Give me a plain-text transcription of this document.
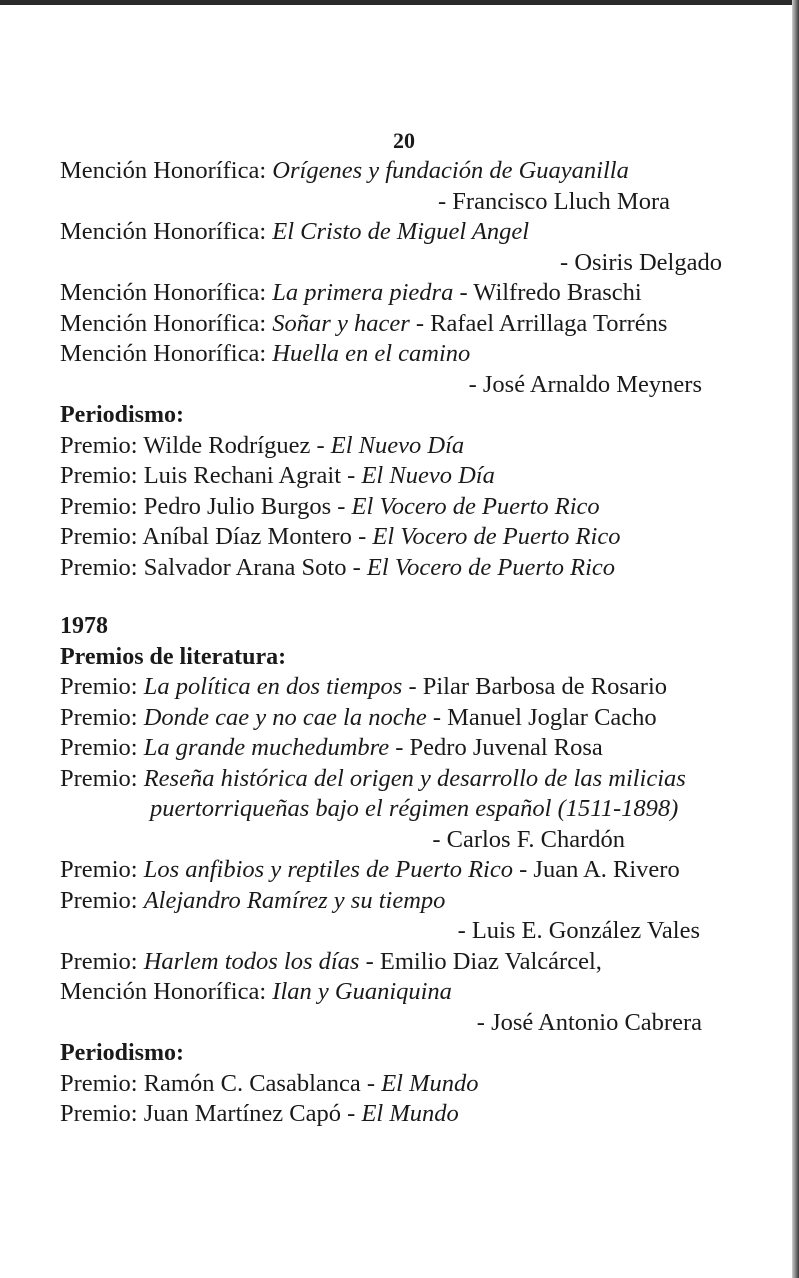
20
Mención Honorífica: Orígenes y fundación de Guayanilla
- Francisco Lluch Mora
Mención Honorífica: El Cristo de Miguel Angel
- Osiris Delgado
Mención Honorífica: La primera piedra - Wilfredo Braschi
Mención Honorífica: Soñar y hacer - Rafael Arrillaga Torréns
Mención Honorífica: Huella en el camino
- José Arnaldo Meyners
Periodismo:
Premio: Wilde Rodríguez - El Nuevo Día
Premio: Luis Rechani Agrait - El Nuevo Día
Premio: Pedro Julio Burgos - El Vocero de Puerto Rico
Premio: Aníbal Díaz Montero - El Vocero de Puerto Rico
Premio: Salvador Arana Soto - El Vocero de Puerto Rico
1978
Premios de literatura:
Premio: La política en dos tiempos - Pilar Barbosa de Rosario
Premio: Donde cae y no cae la noche - Manuel Joglar Cacho
Premio: La grande muchedumbre - Pedro Juvenal Rosa
Premio: Reseña histórica del origen y desarrollo de las milicias
puertorriqueñas bajo el régimen español (1511-1898)
- Carlos F. Chardón
Premio: Los anfibios y reptiles de Puerto Rico - Juan A. Rivero
Premio: Alejandro Ramírez y su tiempo
- Luis E. González Vales
Premio: Harlem todos los días - Emilio Diaz Valcárcel,
Mención Honorífica: Ilan y Guaniquina
- José Antonio Cabrera
Periodismo:
Premio: Ramón C. Casablanca - El Mundo
Premio: Juan Martínez Capó - El Mundo
